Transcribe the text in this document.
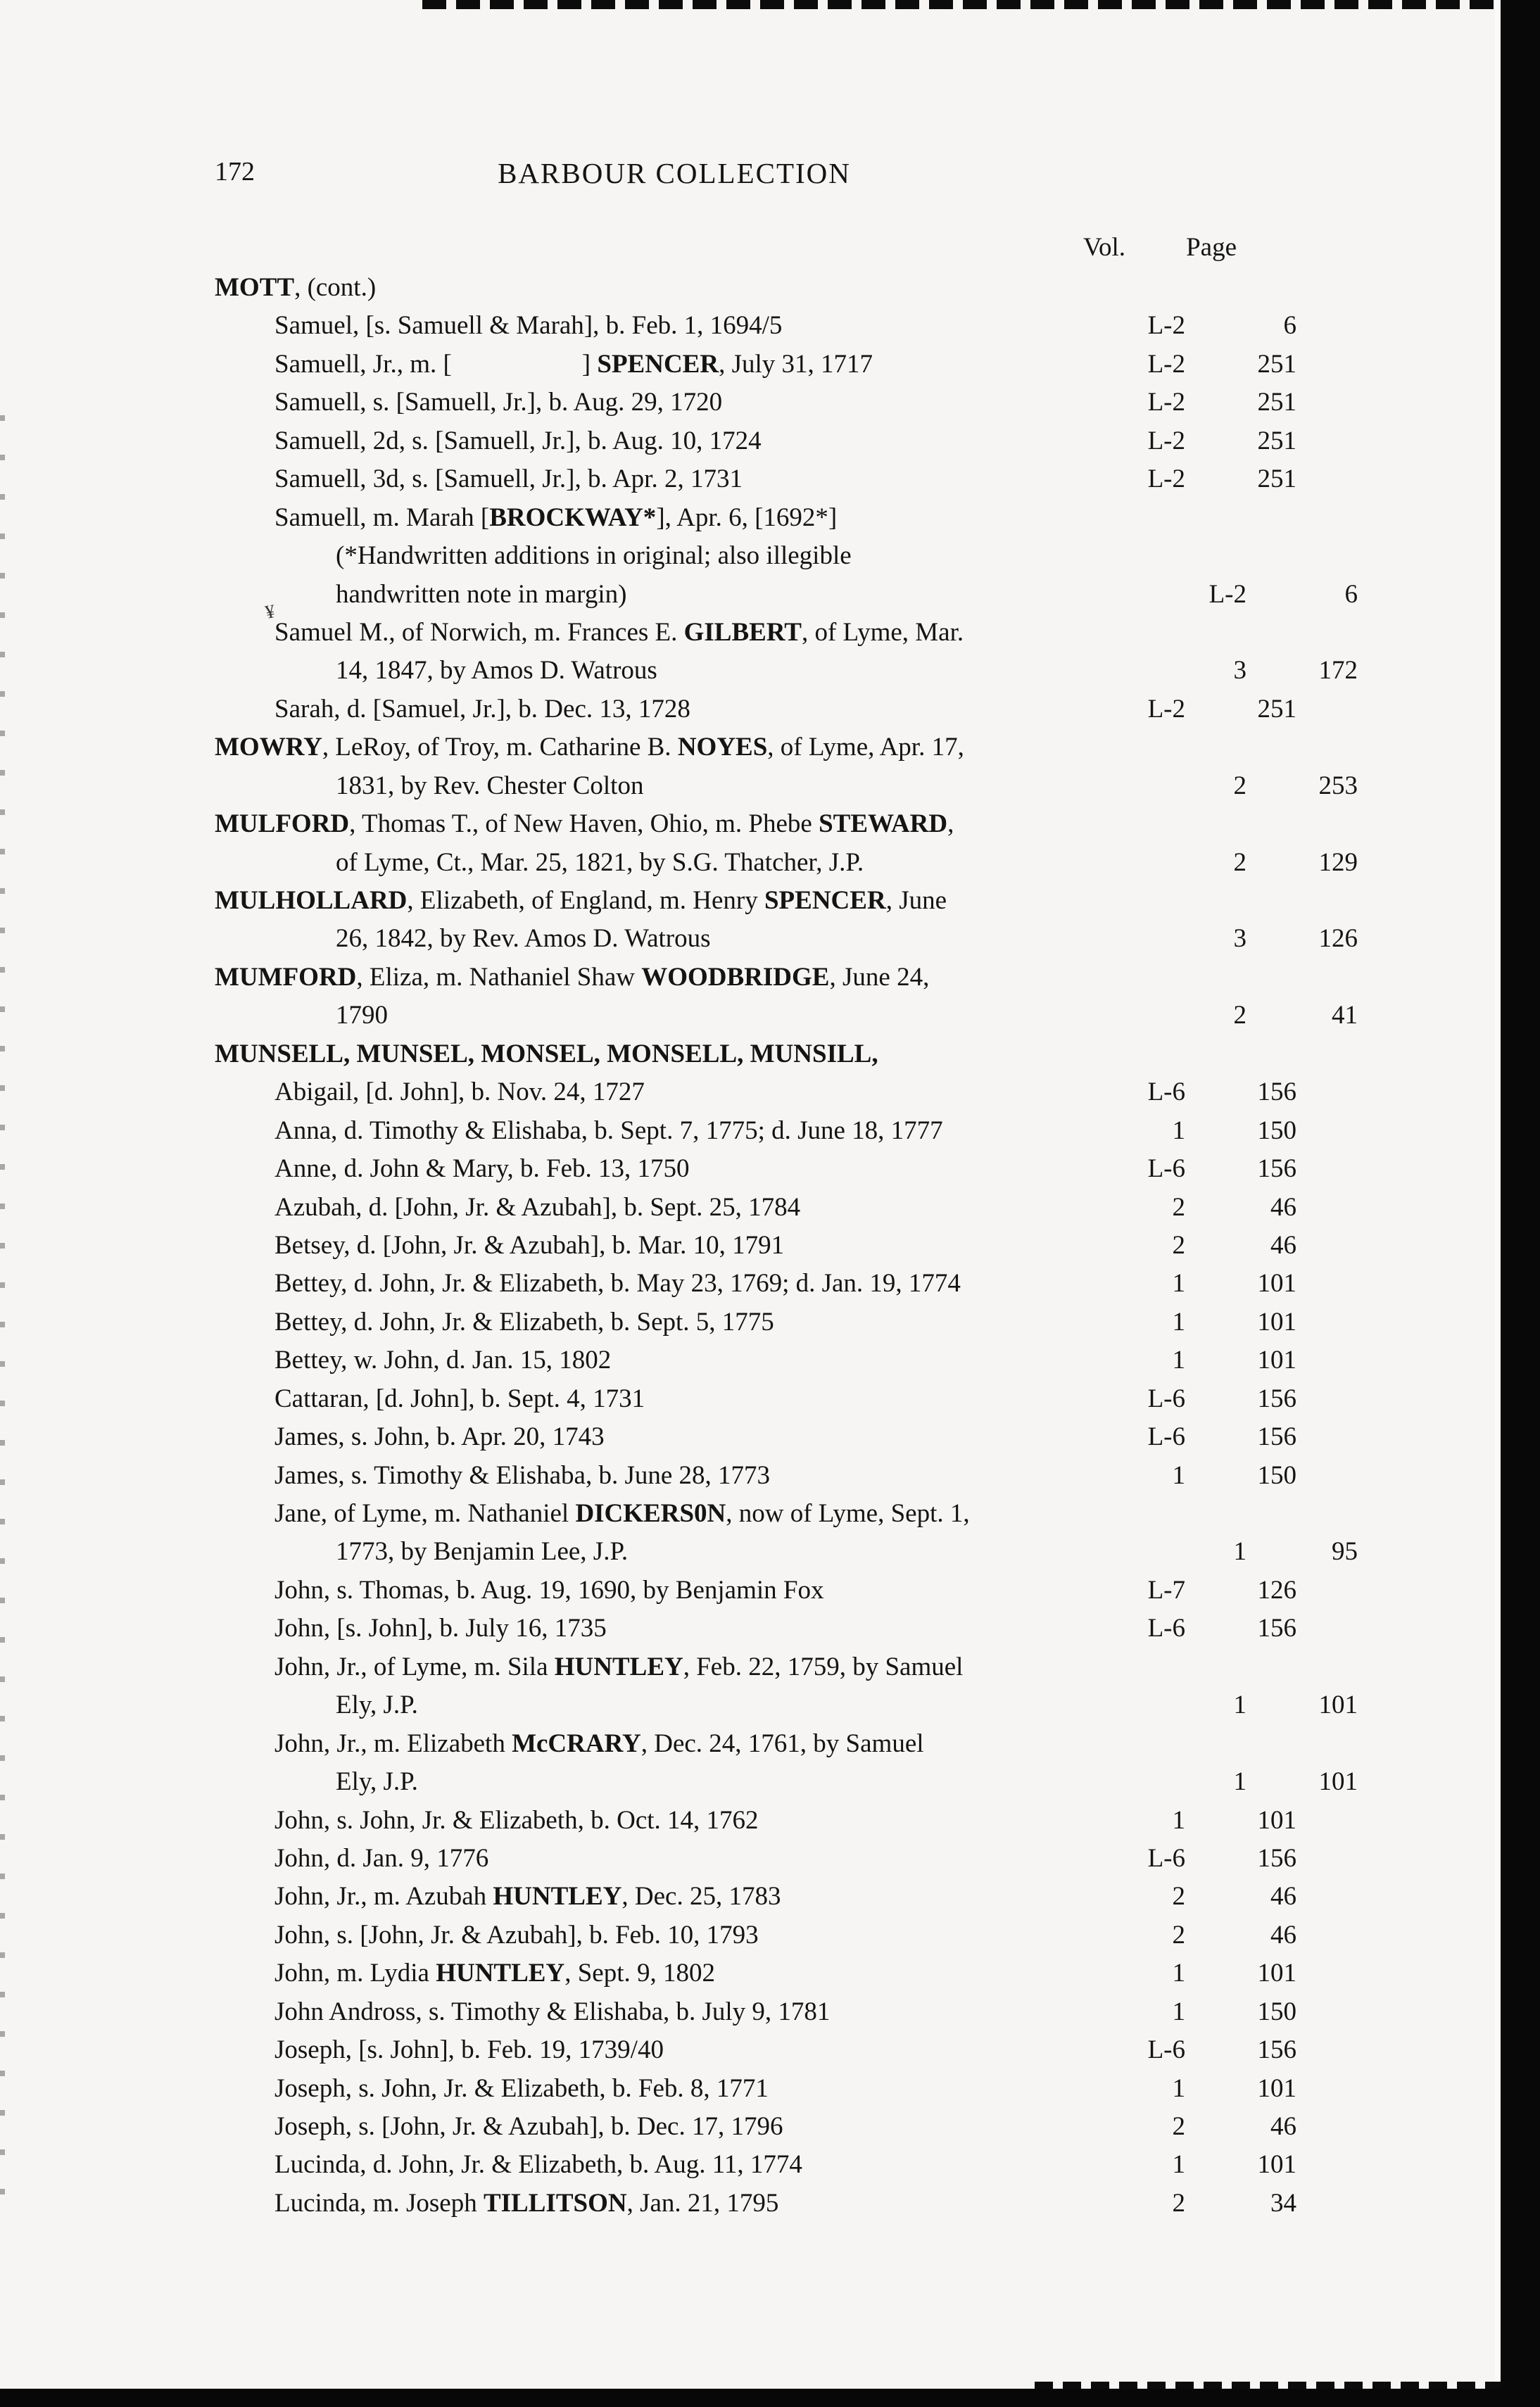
172	BARBOUR COLLECTION
Vol.	Page
MOTT, (cont.)
Samuel, [s. Samuell & Marah], b. Feb. 1, 1694/5	L-2	6
Samuell, Jr., m. [                    ] SPENCER, July 31, 1717	L-2	251
Samuell, s. [Samuell, Jr.], b. Aug. 29, 1720	L-2	251
Samuell, 2d, s. [Samuell, Jr.], b. Aug. 10, 1724	L-2	251
Samuell, 3d, s. [Samuell, Jr.], b. Apr. 2, 1731	L-2	251
Samuell, m. Marah [BROCKWAY*], Apr. 6, [1692*]
(*Handwritten additions in original; also illegible
handwritten note in margin)	L-2	6
Samuel M., of Norwich, m. Frances E. GILBERT, of Lyme, Mar.
¥
14, 1847, by Amos D. Watrous	3	172
Sarah, d. [Samuel, Jr.], b. Dec. 13, 1728	L-2	251
MOWRY, LeRoy, of Troy, m. Catharine B. NOYES, of Lyme, Apr. 17,
1831, by Rev. Chester Colton	2	253
MULFORD, Thomas T., of New Haven, Ohio, m. Phebe STEWARD,
of Lyme, Ct., Mar. 25, 1821, by S.G. Thatcher, J.P.	2	129
MULHOLLARD, Elizabeth, of England, m. Henry SPENCER, June
26, 1842, by Rev. Amos D. Watrous	3	126
MUMFORD, Eliza, m. Nathaniel Shaw WOODBRIDGE, June 24,
1790	2	41
MUNSELL, MUNSEL, MONSEL, MONSELL, MUNSILL,
Abigail, [d. John], b. Nov. 24, 1727	L-6	156
Anna, d. Timothy & Elishaba, b. Sept. 7, 1775; d. June 18, 1777	1	150
Anne, d. John & Mary, b. Feb. 13, 1750	L-6	156
Azubah, d. [John, Jr. & Azubah], b. Sept. 25, 1784	2	46
Betsey, d. [John, Jr. & Azubah], b. Mar. 10, 1791	2	46
Bettey, d. John, Jr. & Elizabeth, b. May 23, 1769; d. Jan. 19, 1774	1	101
Bettey, d. John, Jr. & Elizabeth, b. Sept. 5, 1775	1	101
Bettey, w. John, d. Jan. 15, 1802	1	101
Cattaran, [d. John], b. Sept. 4, 1731	L-6	156
James, s. John, b. Apr. 20, 1743	L-6	156
James, s. Timothy & Elishaba, b. June 28, 1773	1	150
Jane, of Lyme, m. Nathaniel DICKERS0N, now of Lyme, Sept. 1,
1773, by Benjamin Lee, J.P.	1	95
John, s. Thomas, b. Aug. 19, 1690, by Benjamin Fox	L-7	126
John, [s. John], b. July 16, 1735	L-6	156
John, Jr., of Lyme, m. Sila HUNTLEY, Feb. 22, 1759, by Samuel
Ely, J.P.	1	101
John, Jr., m. Elizabeth McCRARY, Dec. 24, 1761, by Samuel
Ely, J.P.	1	101
John, s. John, Jr. & Elizabeth, b. Oct. 14, 1762	1	101
John, d. Jan. 9, 1776	L-6	156
John, Jr., m. Azubah HUNTLEY, Dec. 25, 1783	2	46
John, s. [John, Jr. & Azubah], b. Feb. 10, 1793	2	46
John, m. Lydia HUNTLEY, Sept. 9, 1802	1	101
John Andross, s. Timothy & Elishaba, b. July 9, 1781	1	150
Joseph, [s. John], b. Feb. 19, 1739/40	L-6	156
Joseph, s. John, Jr. & Elizabeth, b. Feb. 8, 1771	1	101
Joseph, s. [John, Jr. & Azubah], b. Dec. 17, 1796	2	46
Lucinda, d. John, Jr. & Elizabeth, b. Aug. 11, 1774	1	101
Lucinda, m. Joseph TILLITSON, Jan. 21, 1795	2	34
